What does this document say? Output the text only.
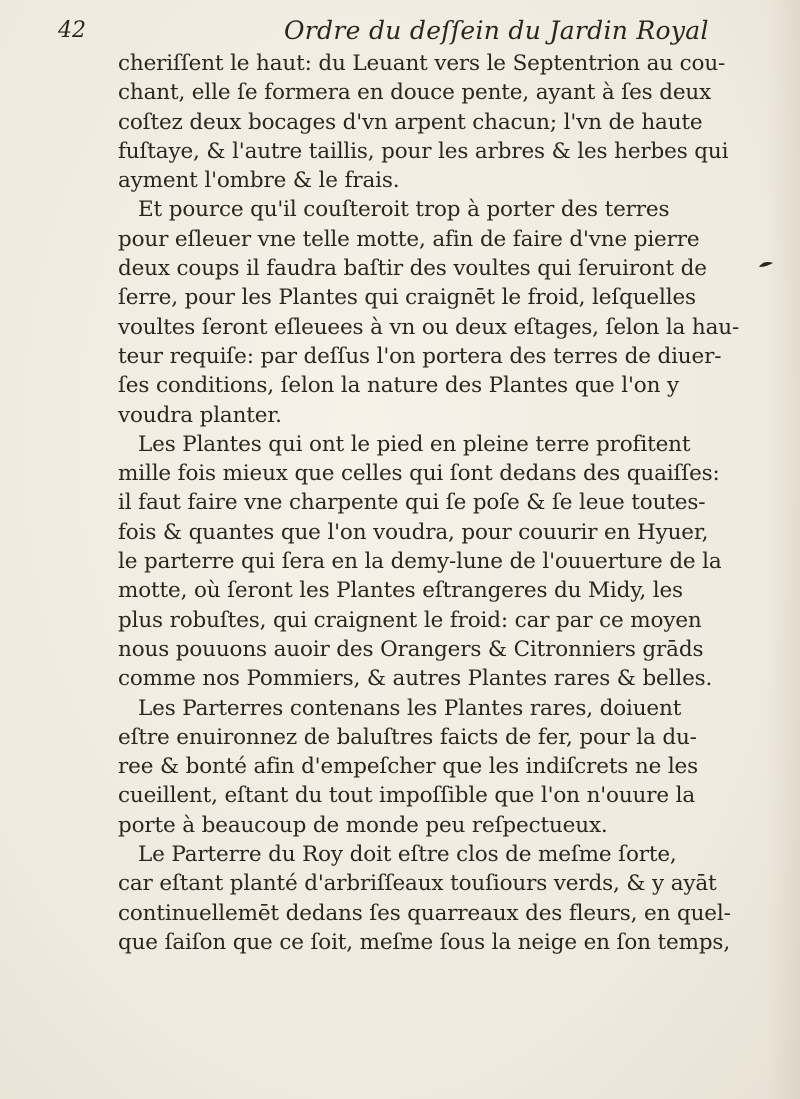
42	Ordre du deſſein du Jardin Royal
cheriſſent le haut: du Leuant vers le Septentrion au cou-
chant, elle ſe formera en douce pente, ayant à ſes deux
coſtez deux bocages d'vn arpent chacun; l'vn de haute
fuſtaye, & l'autre taillis, pour les arbres & les herbes qui
ayment l'ombre & le frais.
Et pource qu'il couſteroit trop à porter des terres
pour eſleuer vne telle motte, afin de faire d'vne pierre
deux coups il faudra baſtir des voultes qui ſeruiront de
ſerre, pour les Plantes qui craignēt le froid, leſquelles
voultes ſeront eſleuees à vn ou deux eſtages, ſelon la hau-
teur requiſe: par deſſus l'on portera des terres de diuer-
ſes conditions, ſelon la nature des Plantes que l'on y
voudra planter.
Les Plantes qui ont le pied en pleine terre profitent
mille fois mieux que celles qui ſont dedans des quaiſſes:
il faut faire vne charpente qui ſe poſe & ſe leue toutes-
fois & quantes que l'on voudra, pour couurir en Hyuer,
le parterre qui ſera en la demy-lune de l'ouuerture de la
motte, où ſeront les Plantes eſtrangeres du Midy, les
plus robuſtes, qui craignent le froid: car par ce moyen
nous pouuons auoir des Orangers & Citronniers grāds
comme nos Pommiers, & autres Plantes rares & belles.
Les Parterres contenans les Plantes rares, doiuent
eſtre enuironnez de baluſtres faicts de fer, pour la du-
ree & bonté afin d'empeſcher que les indiſcrets ne les
cueillent, eſtant du tout impoſſible que l'on n'ouure la
porte à beaucoup de monde peu reſpectueux.
Le Parterre du Roy doit eſtre clos de meſme ſorte,
car eſtant planté d'arbriſſeaux touſiours verds, & y ayāt
continuellemēt dedans ſes quarreaux des fleurs, en quel-
que ſaiſon que ce ſoit, meſme ſous la neige en ſon temps,
